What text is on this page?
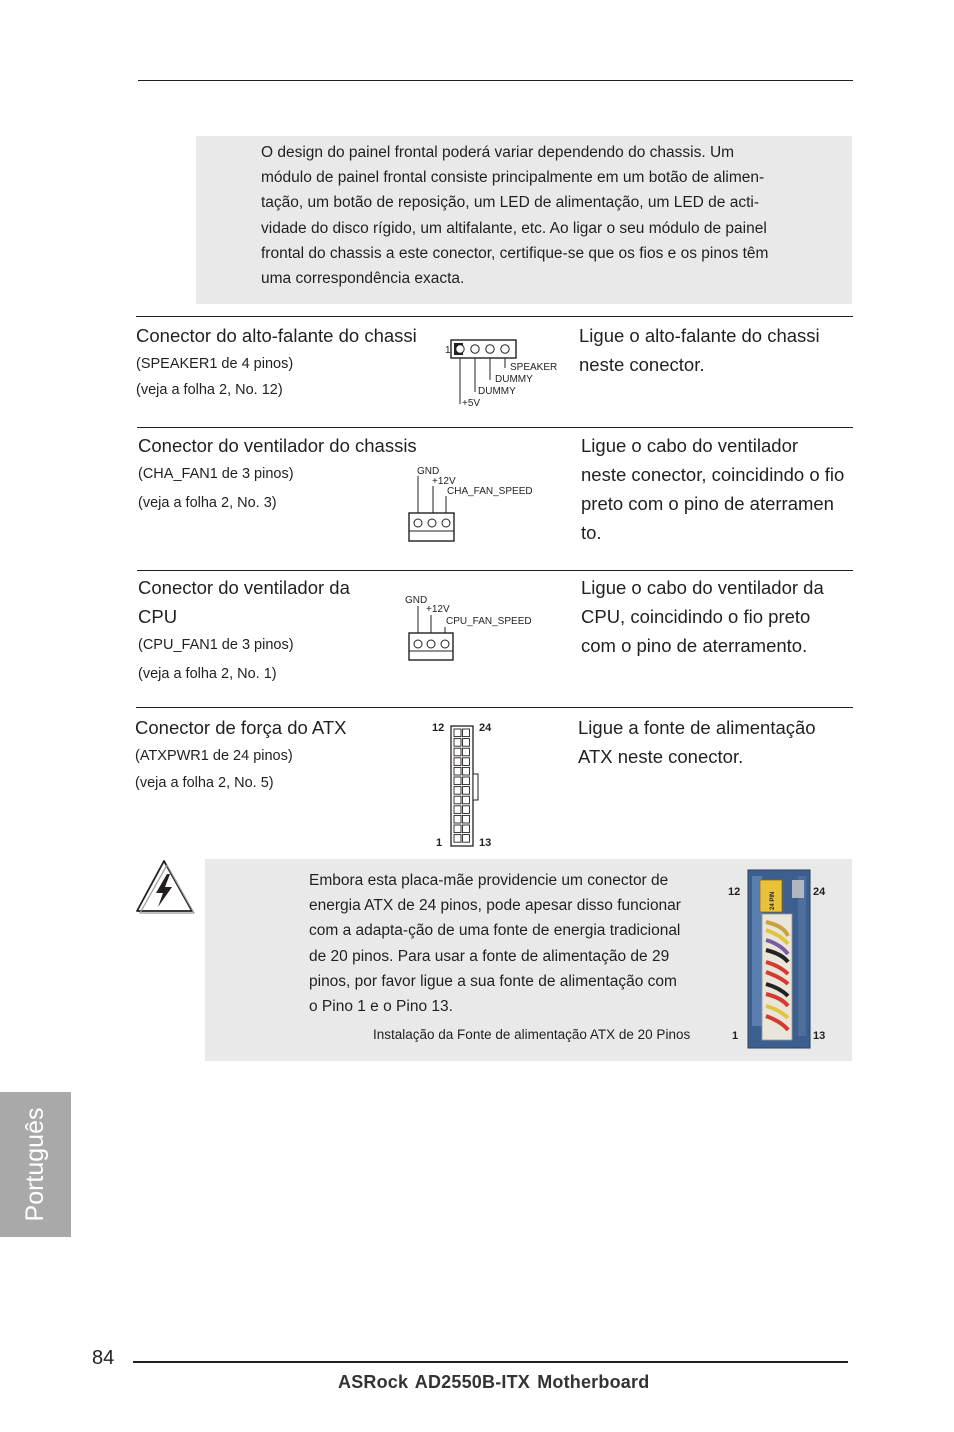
O design do painel frontal poderá variar dependendo do chassis. Um
módulo de painel frontal consiste principalmente em um botão de alimen-
tação, um botão de reposição, um LED de alimentação, um LED de acti-
vidade do disco rígido, um altifalante, etc. Ao ligar o seu módulo de painel
frontal do chassis a este conector, certifique-se que os fios e os pinos têm
uma correspondência exacta.
Conector do alto-falante do chassi
(SPEAKER1 de 4 pinos)
(veja a folha 2, No. 12)
Ligue o alto-falante do chassi
neste conector.
1
SPEAKER
DUMMY
DUMMY
+5V
Conector do ventilador do chassis
(CHA_FAN1 de 3 pinos)
(veja a folha 2, No. 3)
Ligue o cabo do ventilador
neste conector, coincidindo o fio
preto com o pino de aterramen
to.
GND
+12V
CHA_FAN_SPEED
Conector do ventilador da
CPU
(CPU_FAN1 de 3 pinos)
(veja a folha 2, No. 1)
Ligue o cabo do ventilador da
CPU, coincidindo o fio preto
com o pino de aterramento.
GND
+12V
CPU_FAN_SPEED
Conector de força do ATX
(ATXPWR1 de 24 pinos)
(veja a folha 2, No. 5)
Ligue a fonte de alimentação
ATX neste conector.
12	24
1	13
Embora esta placa-mãe providencie um conector de
energia ATX de 24 pinos, pode apesar disso funcionar
com a adapta-ção de uma fonte de energia tradicional
de 20 pinos. Para usar a fonte de alimentação de 29
pinos, por favor ligue a sua fonte de alimentação com
o Pino 1 e o Pino 13.
Instalação da Fonte de alimentação ATX de 20 Pinos
12	24
24 PIN
1	13
Português
84
ASRock AD2550B-ITX Motherboard
